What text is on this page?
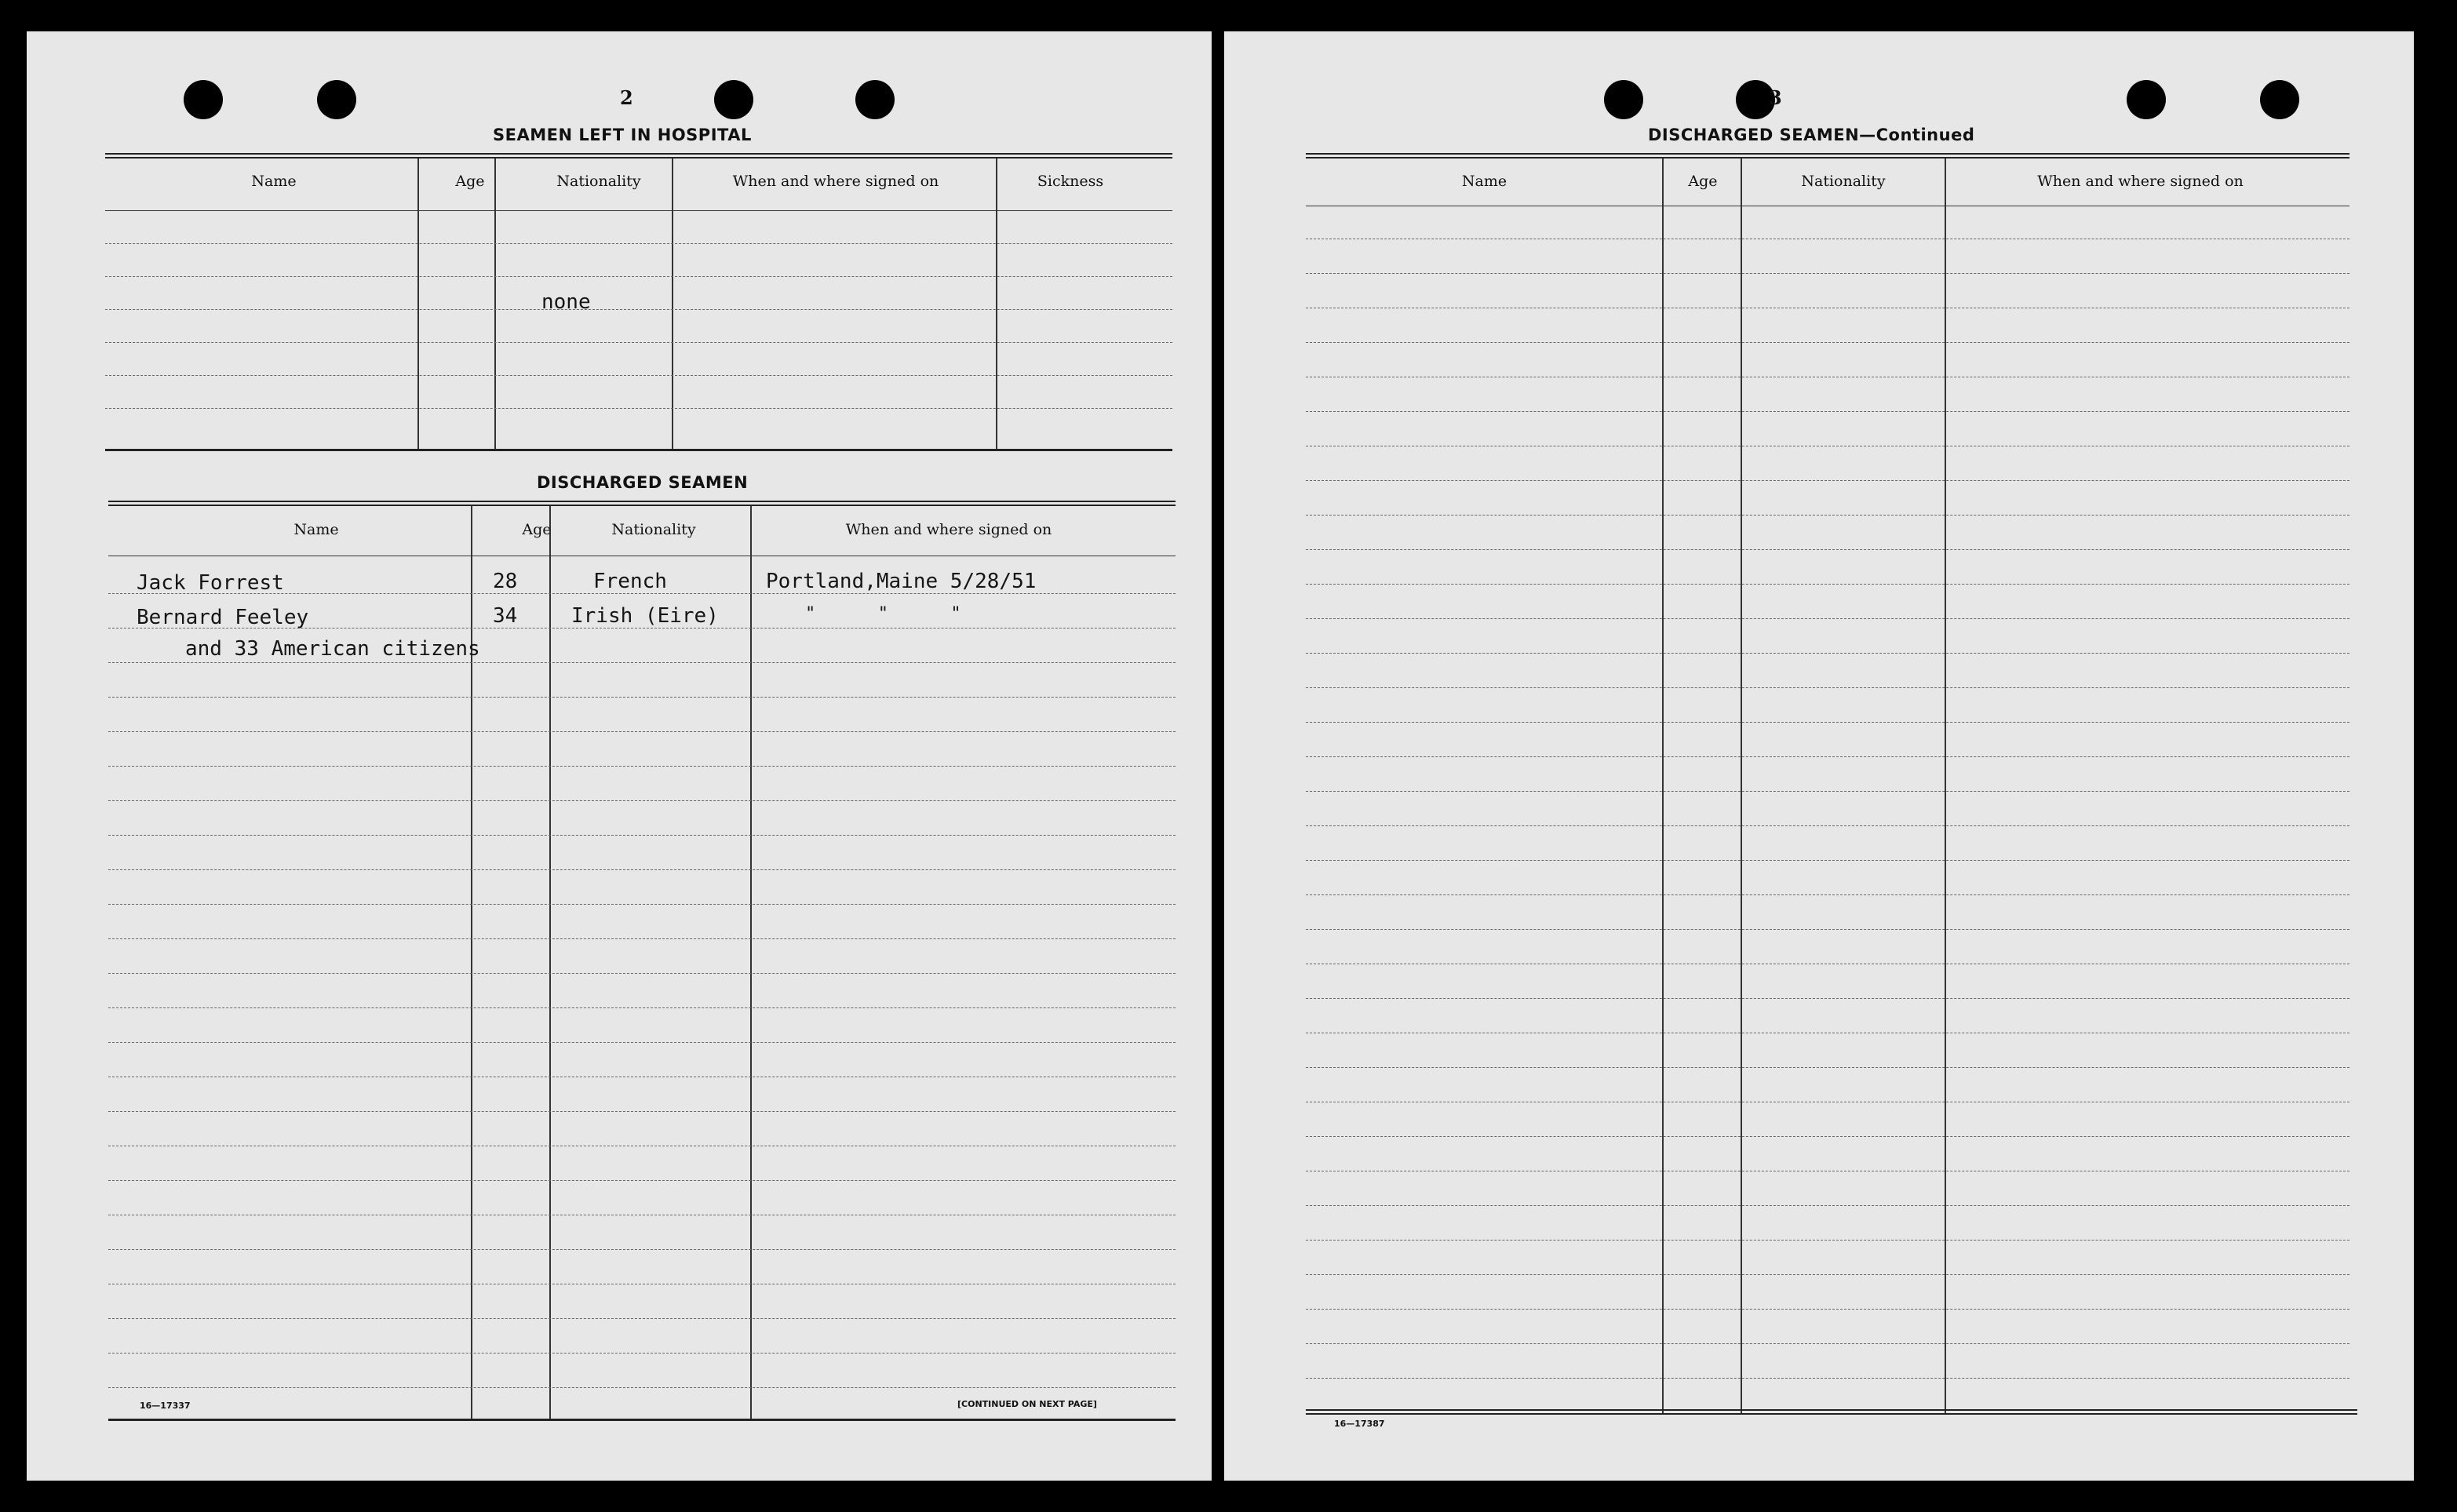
2
SEAMEN LEFT IN HOSPITAL
Name	Age	Nationality	When and where signed on	Sickness
none
DISCHARGED SEAMEN
Name	Age	Nationality	When and where signed on
Jack Forrest	28	French	Portland,Maine 5/28/51
Bernard Feeley	34	Irish (Eire)	"      "      "
and 33 American citizens
16—17337	[CONTINUED ON NEXT PAGE]
3
DISCHARGED SEAMEN—Continued
Name	Age	Nationality	When and where signed on
16—17387
